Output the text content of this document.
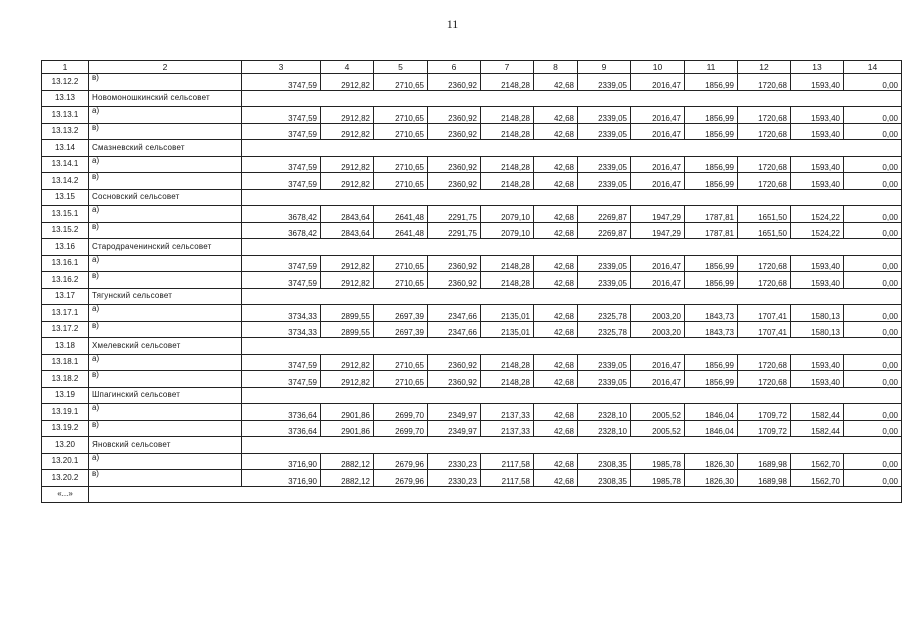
11
1	2	3	4	5	6	7	8	9	10	11	12	13	14
13.12.2	в)	3747,59	2912,82	2710,65	2360,92	2148,28	42,68	2339,05	2016,47	1856,99	1720,68	1593,40	0,00
13.13	Новомоношкинский сельсовет												
13.13.1	а)	3747,59	2912,82	2710,65	2360,92	2148,28	42,68	2339,05	2016,47	1856,99	1720,68	1593,40	0,00
13.13.2	в)	3747,59	2912,82	2710,65	2360,92	2148,28	42,68	2339,05	2016,47	1856,99	1720,68	1593,40	0,00
13.14	Смазневский сельсовет												
13.14.1	а)	3747,59	2912,82	2710,65	2360,92	2148,28	42,68	2339,05	2016,47	1856,99	1720,68	1593,40	0,00
13.14.2	в)	3747,59	2912,82	2710,65	2360,92	2148,28	42,68	2339,05	2016,47	1856,99	1720,68	1593,40	0,00
13.15	Сосновский сельсовет												
13.15.1	а)	3678,42	2843,64	2641,48	2291,75	2079,10	42,68	2269,87	1947,29	1787,81	1651,50	1524,22	0,00
13.15.2	в)	3678,42	2843,64	2641,48	2291,75	2079,10	42,68	2269,87	1947,29	1787,81	1651,50	1524,22	0,00
13.16	Стародраченинский сельсовет												
13.16.1	а)	3747,59	2912,82	2710,65	2360,92	2148,28	42,68	2339,05	2016,47	1856,99	1720,68	1593,40	0,00
13.16.2	в)	3747,59	2912,82	2710,65	2360,92	2148,28	42,68	2339,05	2016,47	1856,99	1720,68	1593,40	0,00
13.17	Тягунский сельсовет												
13.17.1	а)	3734,33	2899,55	2697,39	2347,66	2135,01	42,68	2325,78	2003,20	1843,73	1707,41	1580,13	0,00
13.17.2	в)	3734,33	2899,55	2697,39	2347,66	2135,01	42,68	2325,78	2003,20	1843,73	1707,41	1580,13	0,00
13.18	Хмелевский сельсовет												
13.18.1	а)	3747,59	2912,82	2710,65	2360,92	2148,28	42,68	2339,05	2016,47	1856,99	1720,68	1593,40	0,00
13.18.2	в)	3747,59	2912,82	2710,65	2360,92	2148,28	42,68	2339,05	2016,47	1856,99	1720,68	1593,40	0,00
13.19	Шпагинский сельсовет												
13.19.1	а)	3736,64	2901,86	2699,70	2349,97	2137,33	42,68	2328,10	2005,52	1846,04	1709,72	1582,44	0,00
13.19.2	в)	3736,64	2901,86	2699,70	2349,97	2137,33	42,68	2328,10	2005,52	1846,04	1709,72	1582,44	0,00
13.20	Яновский сельсовет												
13.20.1	а)	3716,90	2882,12	2679,96	2330,23	2117,58	42,68	2308,35	1985,78	1826,30	1689,98	1562,70	0,00
13.20.2	в)	3716,90	2882,12	2679,96	2330,23	2117,58	42,68	2308,35	1985,78	1826,30	1689,98	1562,70	0,00
«...»													
